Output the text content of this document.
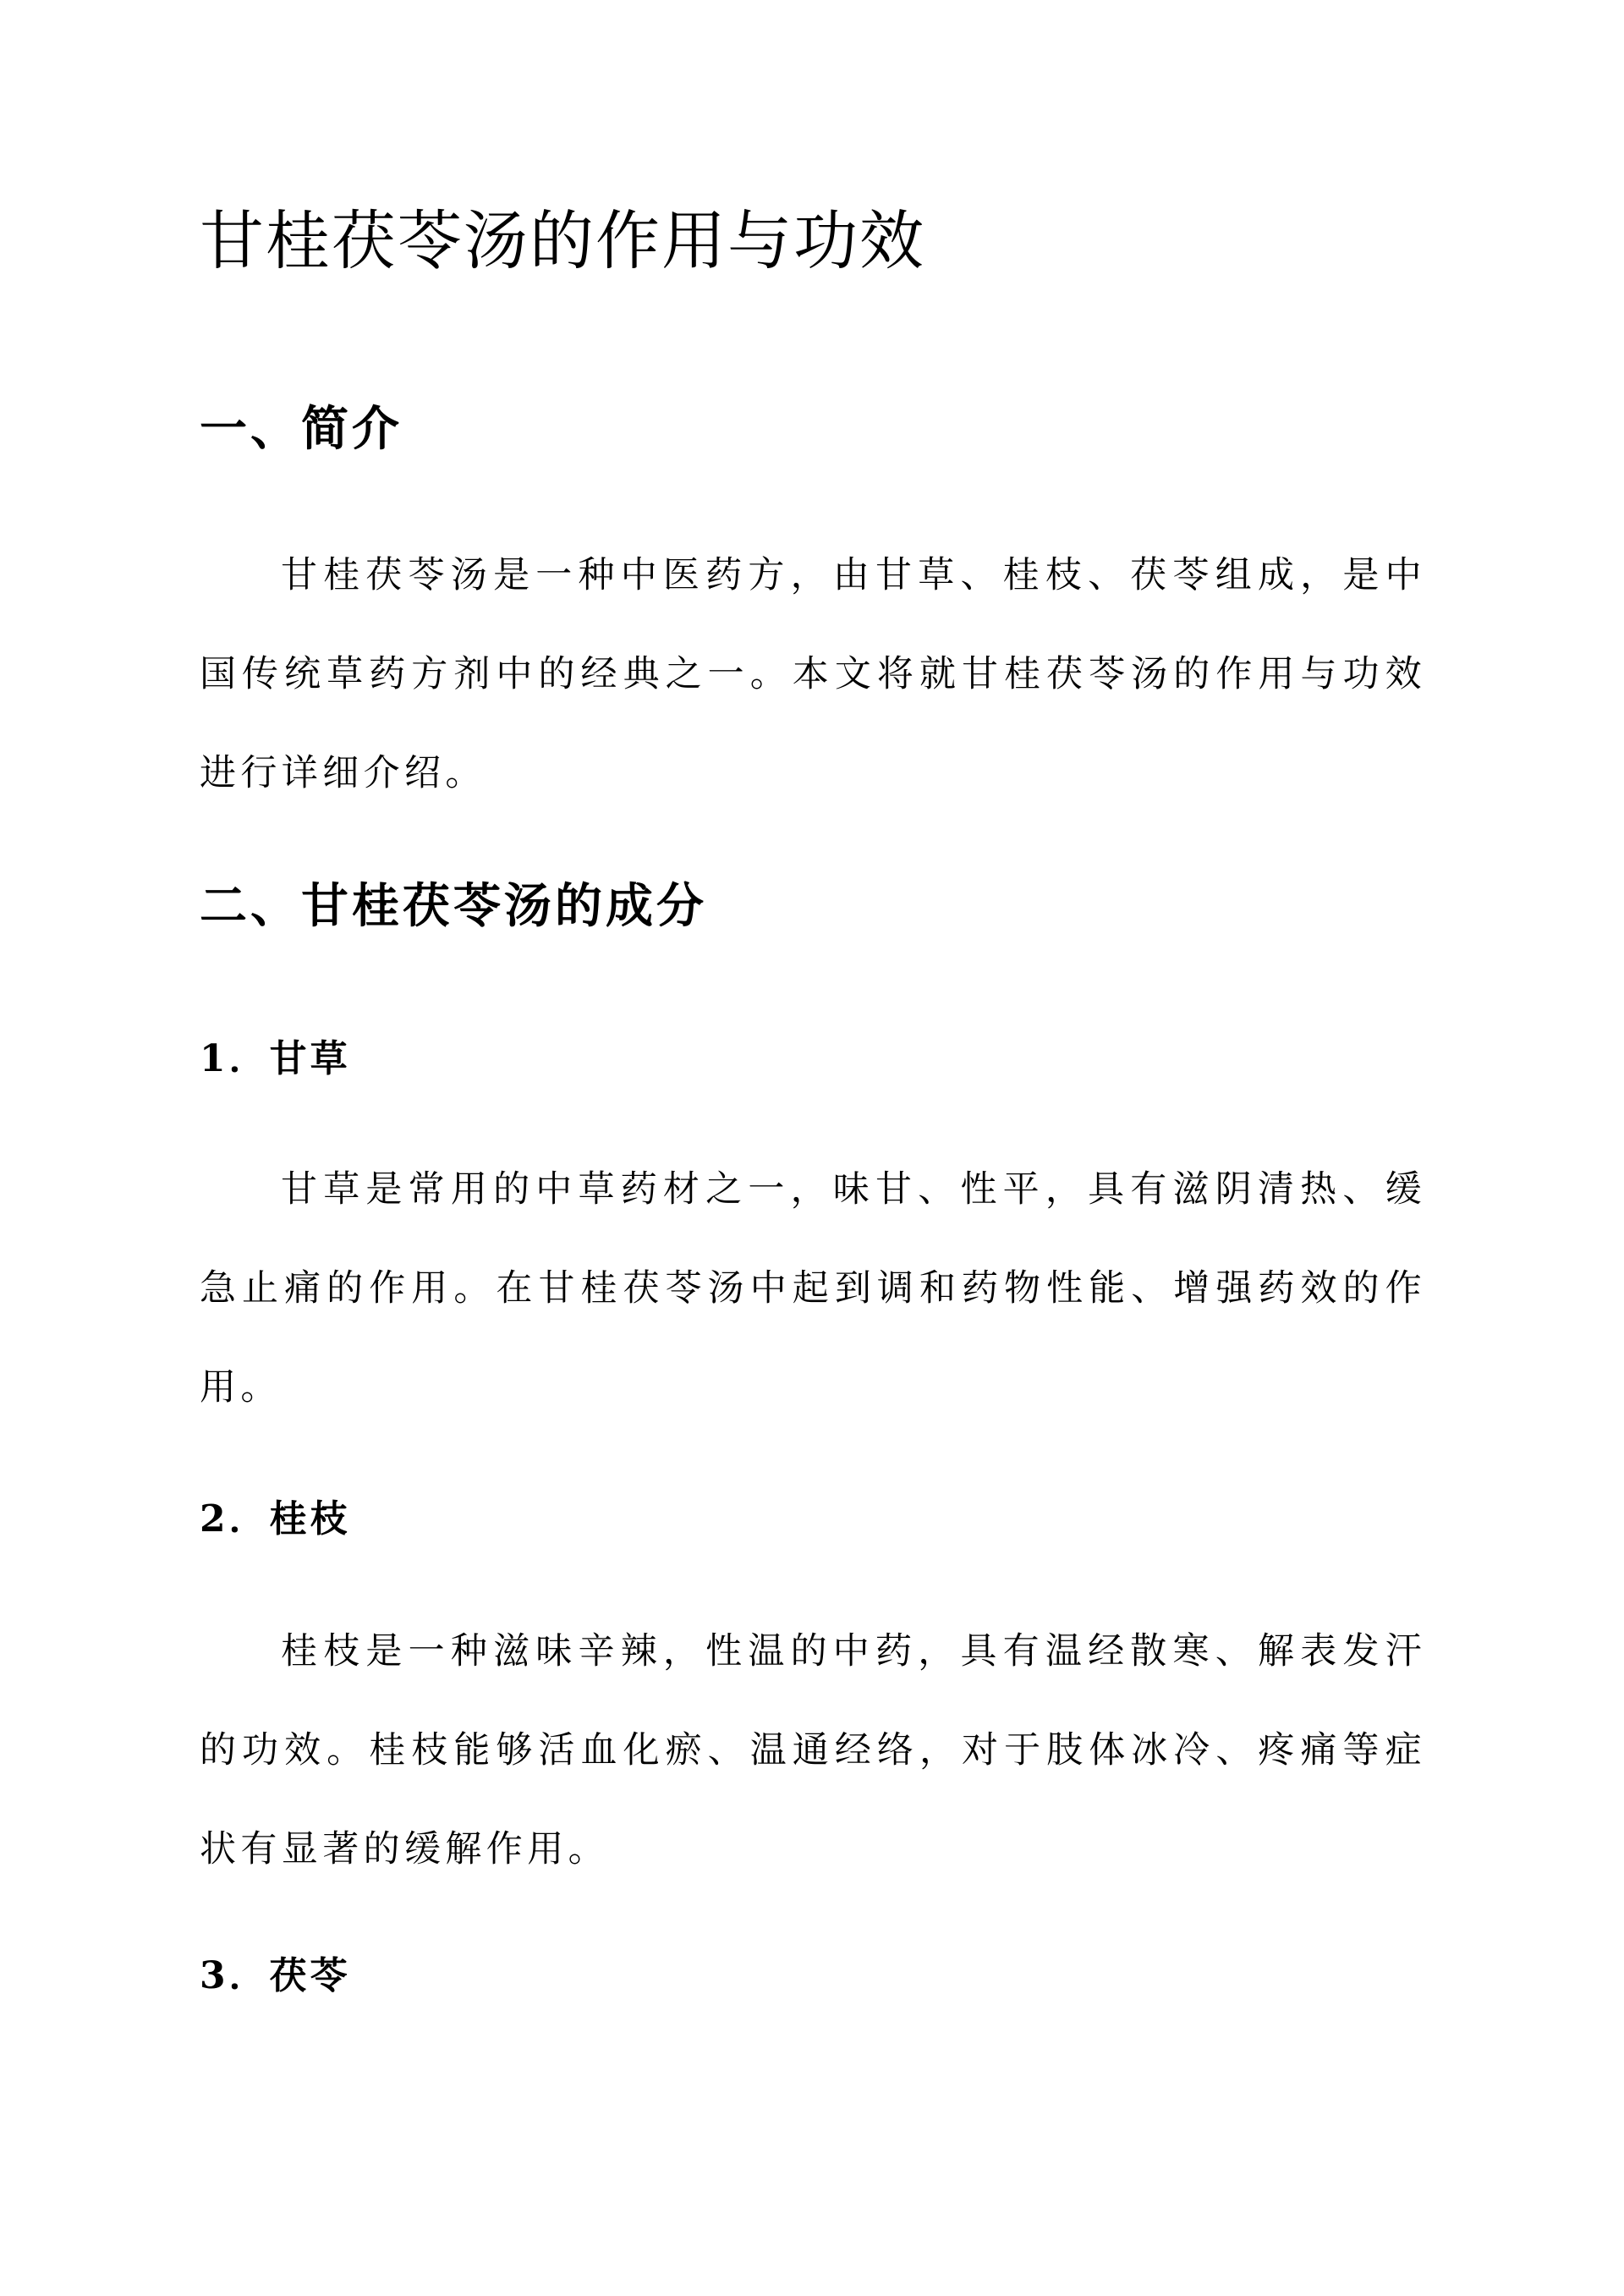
甘桂茯苓汤的作用与功效
一、简介

甘桂茯苓汤是一种中医药方，由甘草、桂枝、茯苓组成，是中国传统草药方剂中的经典之一。本文将就甘桂茯苓汤的作用与功效进行详细介绍。

二、甘桂茯苓汤的成分
1．甘草

甘草是常用的中草药材之一，味甘、性平，具有滋阴清热、缓急止痛的作用。在甘桂茯苓汤中起到调和药物性能、增强药效的作用。

2．桂枝

桂枝是一种滋味辛辣，性温的中药，具有温经散寒、解表发汗的功效。桂枝能够活血化瘀、温通经络，对于肢体冰冷、疼痛等症状有显著的缓解作用。

3．茯苓
